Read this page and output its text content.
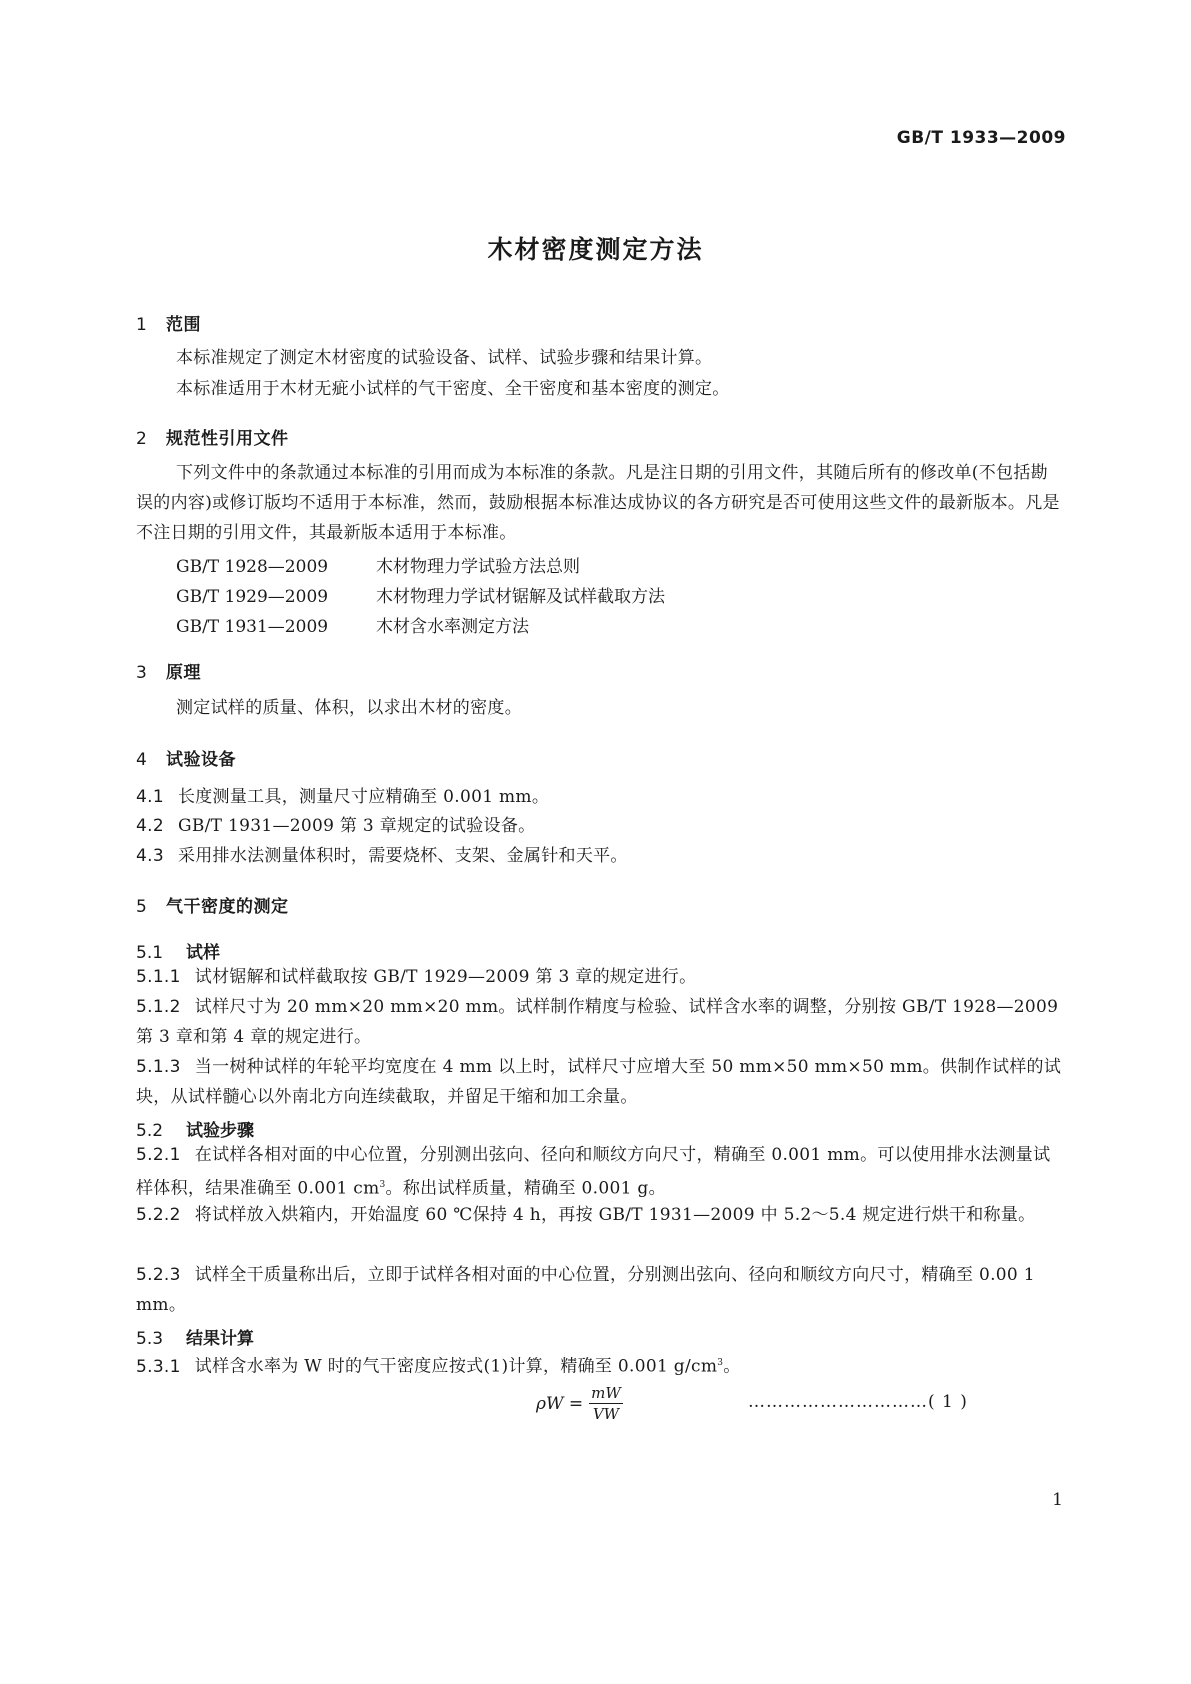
GB/T 1933—2009
木材密度测定方法
1 范围
本标准规定了测定木材密度的试验设备、试样、试验步骤和结果计算。
本标准适用于木材无疵小试样的气干密度、全干密度和基本密度的测定。
2 规范性引用文件
下列文件中的条款通过本标准的引用而成为本标准的条款。凡是注日期的引用文件，其随后所有的修改单(不包括勘误的内容)或修订版均不适用于本标准，然而，鼓励根据本标准达成协议的各方研究是否可使用这些文件的最新版本。凡是不注日期的引用文件，其最新版本适用于本标准。
GB/T 1928—2009	木材物理力学试验方法总则
GB/T 1929—2009	木材物理力学试材锯解及试样截取方法
GB/T 1931—2009	木材含水率测定方法
3 原理
测定试样的质量、体积，以求出木材的密度。
4 试验设备
4.1 长度测量工具，测量尺寸应精确至 0.001 mm。
4.2 GB/T 1931—2009 第 3 章规定的试验设备。
4.3 采用排水法测量体积时，需要烧杯、支架、金属针和天平。
5 气干密度的测定
5.1 试样
5.1.1 试材锯解和试样截取按 GB/T 1929—2009 第 3 章的规定进行。
5.1.2 试样尺寸为 20 mm×20 mm×20 mm。试样制作精度与检验、试样含水率的调整，分别按 GB/T 1928—2009 第 3 章和第 4 章的规定进行。
5.1.3 当一树种试样的年轮平均宽度在 4 mm 以上时，试样尺寸应增大至 50 mm×50 mm×50 mm。供制作试样的试块，从试样髓心以外南北方向连续截取，并留足干缩和加工余量。
5.2 试验步骤
5.2.1 在试样各相对面的中心位置，分别测出弦向、径向和顺纹方向尺寸，精确至 0.001 mm。可以使用排水法测量试样体积，结果准确至 0.001 $cm^3$。称出试样质量，精确至 0.001 g。
5.2.2 将试样放入烘箱内，开始温度 60 ℃保持 4 h，再按 GB/T 1931—2009 中 5.2～5.4 规定进行烘干和称量。
5.2.3 试样全干质量称出后，立即于试样各相对面的中心位置，分别测出弦向、径向和顺纹方向尺寸，精确至 0.00 1 mm。
5.3 结果计算
5.3.1 试样含水率为 W 时的气干密度应按式(1)计算，精确至 0.001 $g/cm^3$。
$\rho W = \frac{mW}{VW}$	…………………………( 1 )
1
